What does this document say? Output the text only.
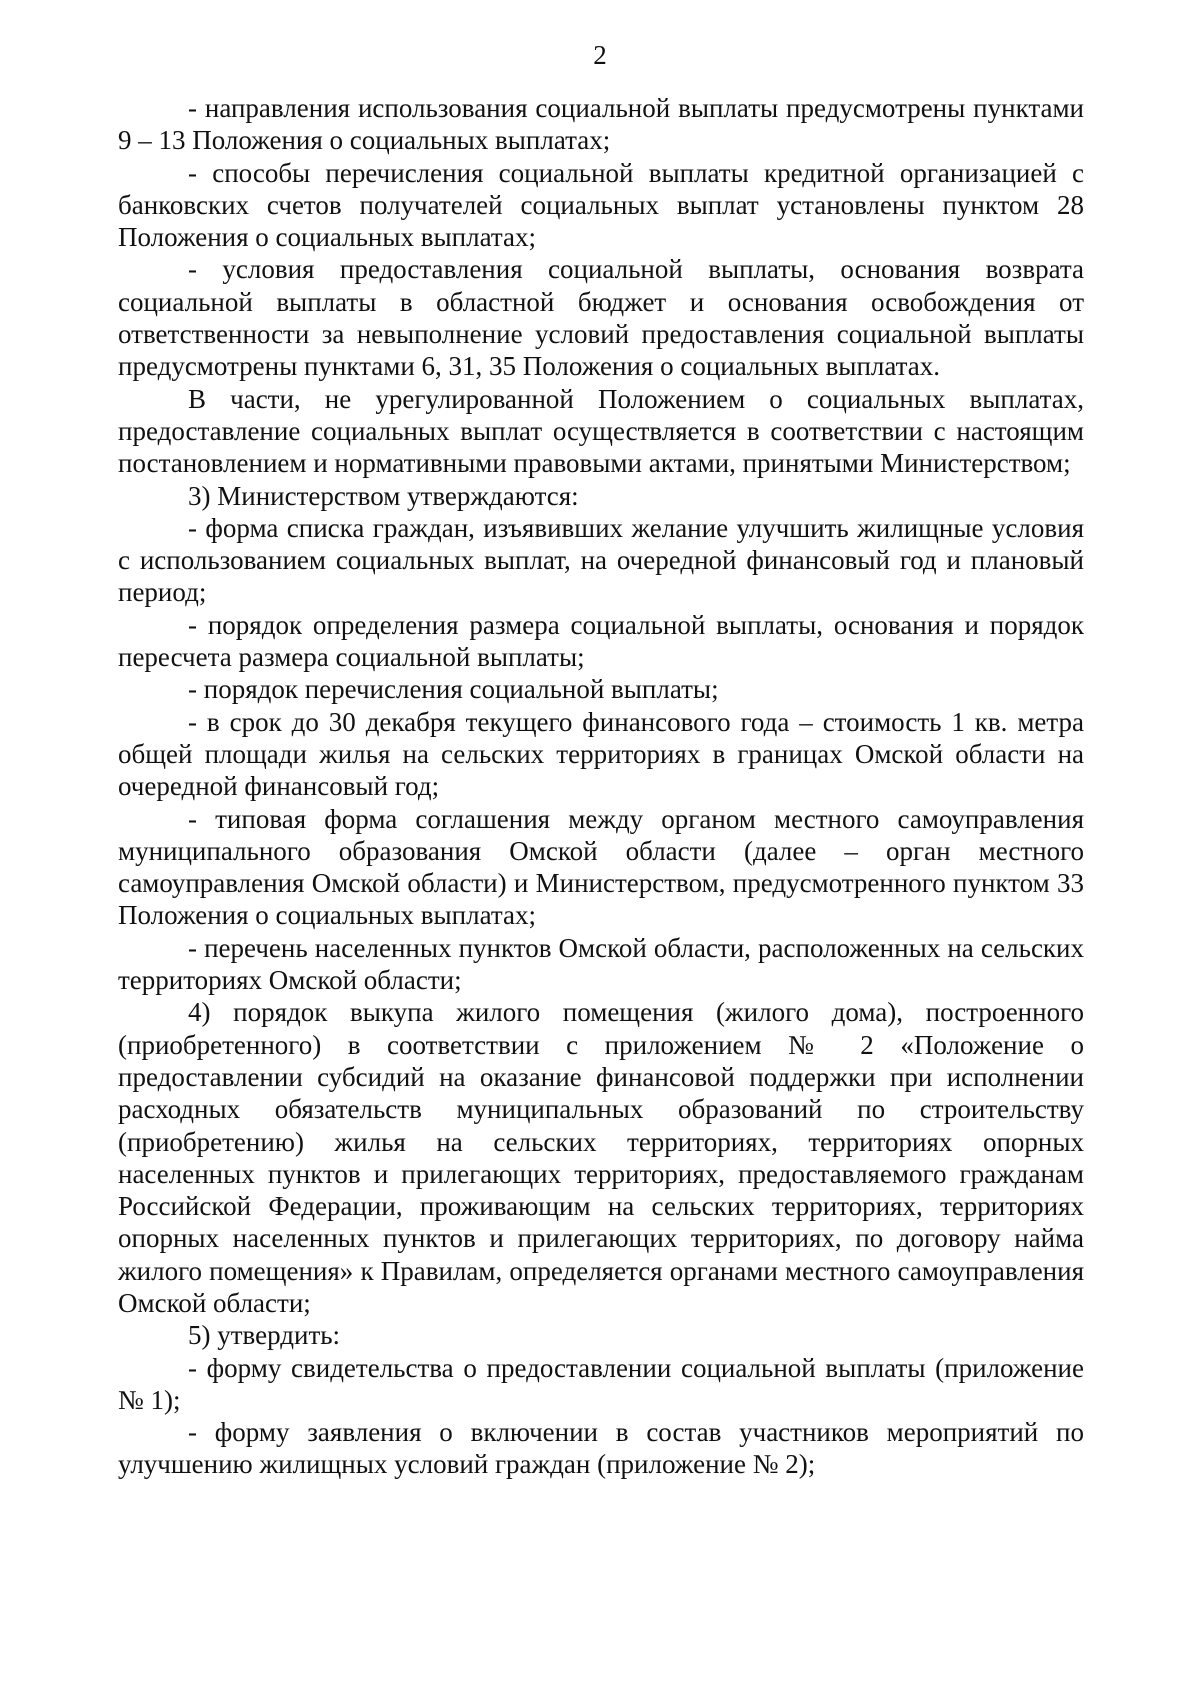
2

- направления использования социальной выплаты предусмотрены пунктами 9 – 13 Положения о социальных выплатах;

- способы перечисления социальной выплаты кредитной организацией с банковских счетов получателей социальных выплат установлены пунктом 28 Положения о социальных выплатах;

- условия предоставления социальной выплаты, основания возврата социальной выплаты в областной бюджет и основания освобождения от ответственности за невыполнение условий предоставления социальной выплаты предусмотрены пунктами 6, 31, 35 Положения о социальных выплатах.

В части, не урегулированной Положением о социальных выплатах, предоставление социальных выплат осуществляется в соответствии с настоящим постановлением и нормативными правовыми актами, принятыми Министерством;

3) Министерством утверждаются:

- форма списка граждан, изъявивших желание улучшить жилищные условия с использованием социальных выплат, на очередной финансовый год и плановый период;

- порядок определения размера социальной выплаты, основания и порядок пересчета размера социальной выплаты;

- порядок перечисления социальной выплаты;

- в срок до 30 декабря текущего финансового года – стоимость 1 кв. метра общей площади жилья на сельских территориях в границах Омской области на очередной финансовый год;

- типовая форма соглашения между органом местного самоуправления муниципального образования Омской области (далее – орган местного самоуправления Омской области) и Министерством, предусмотренного пунктом 33 Положения о социальных выплатах;

- перечень населенных пунктов Омской области, расположенных на сельских территориях Омской области;

4) порядок выкупа жилого помещения (жилого дома), построенного (приобретенного) в соответствии с приложением № 2 «Положение о предоставлении субсидий на оказание финансовой поддержки при исполнении расходных обязательств муниципальных образований по строительству (приобретению) жилья на сельских территориях, территориях опорных населенных пунктов и прилегающих территориях, предоставляемого гражданам Российской Федерации, проживающим на сельских территориях, территориях опорных населенных пунктов и прилегающих территориях, по договору найма жилого помещения» к Правилам, определяется органами местного самоуправления Омской области;

5) утвердить:

- форму свидетельства о предоставлении социальной выплаты (приложение № 1);

- форму заявления о включении в состав участников мероприятий по улучшению жилищных условий граждан (приложение № 2);
